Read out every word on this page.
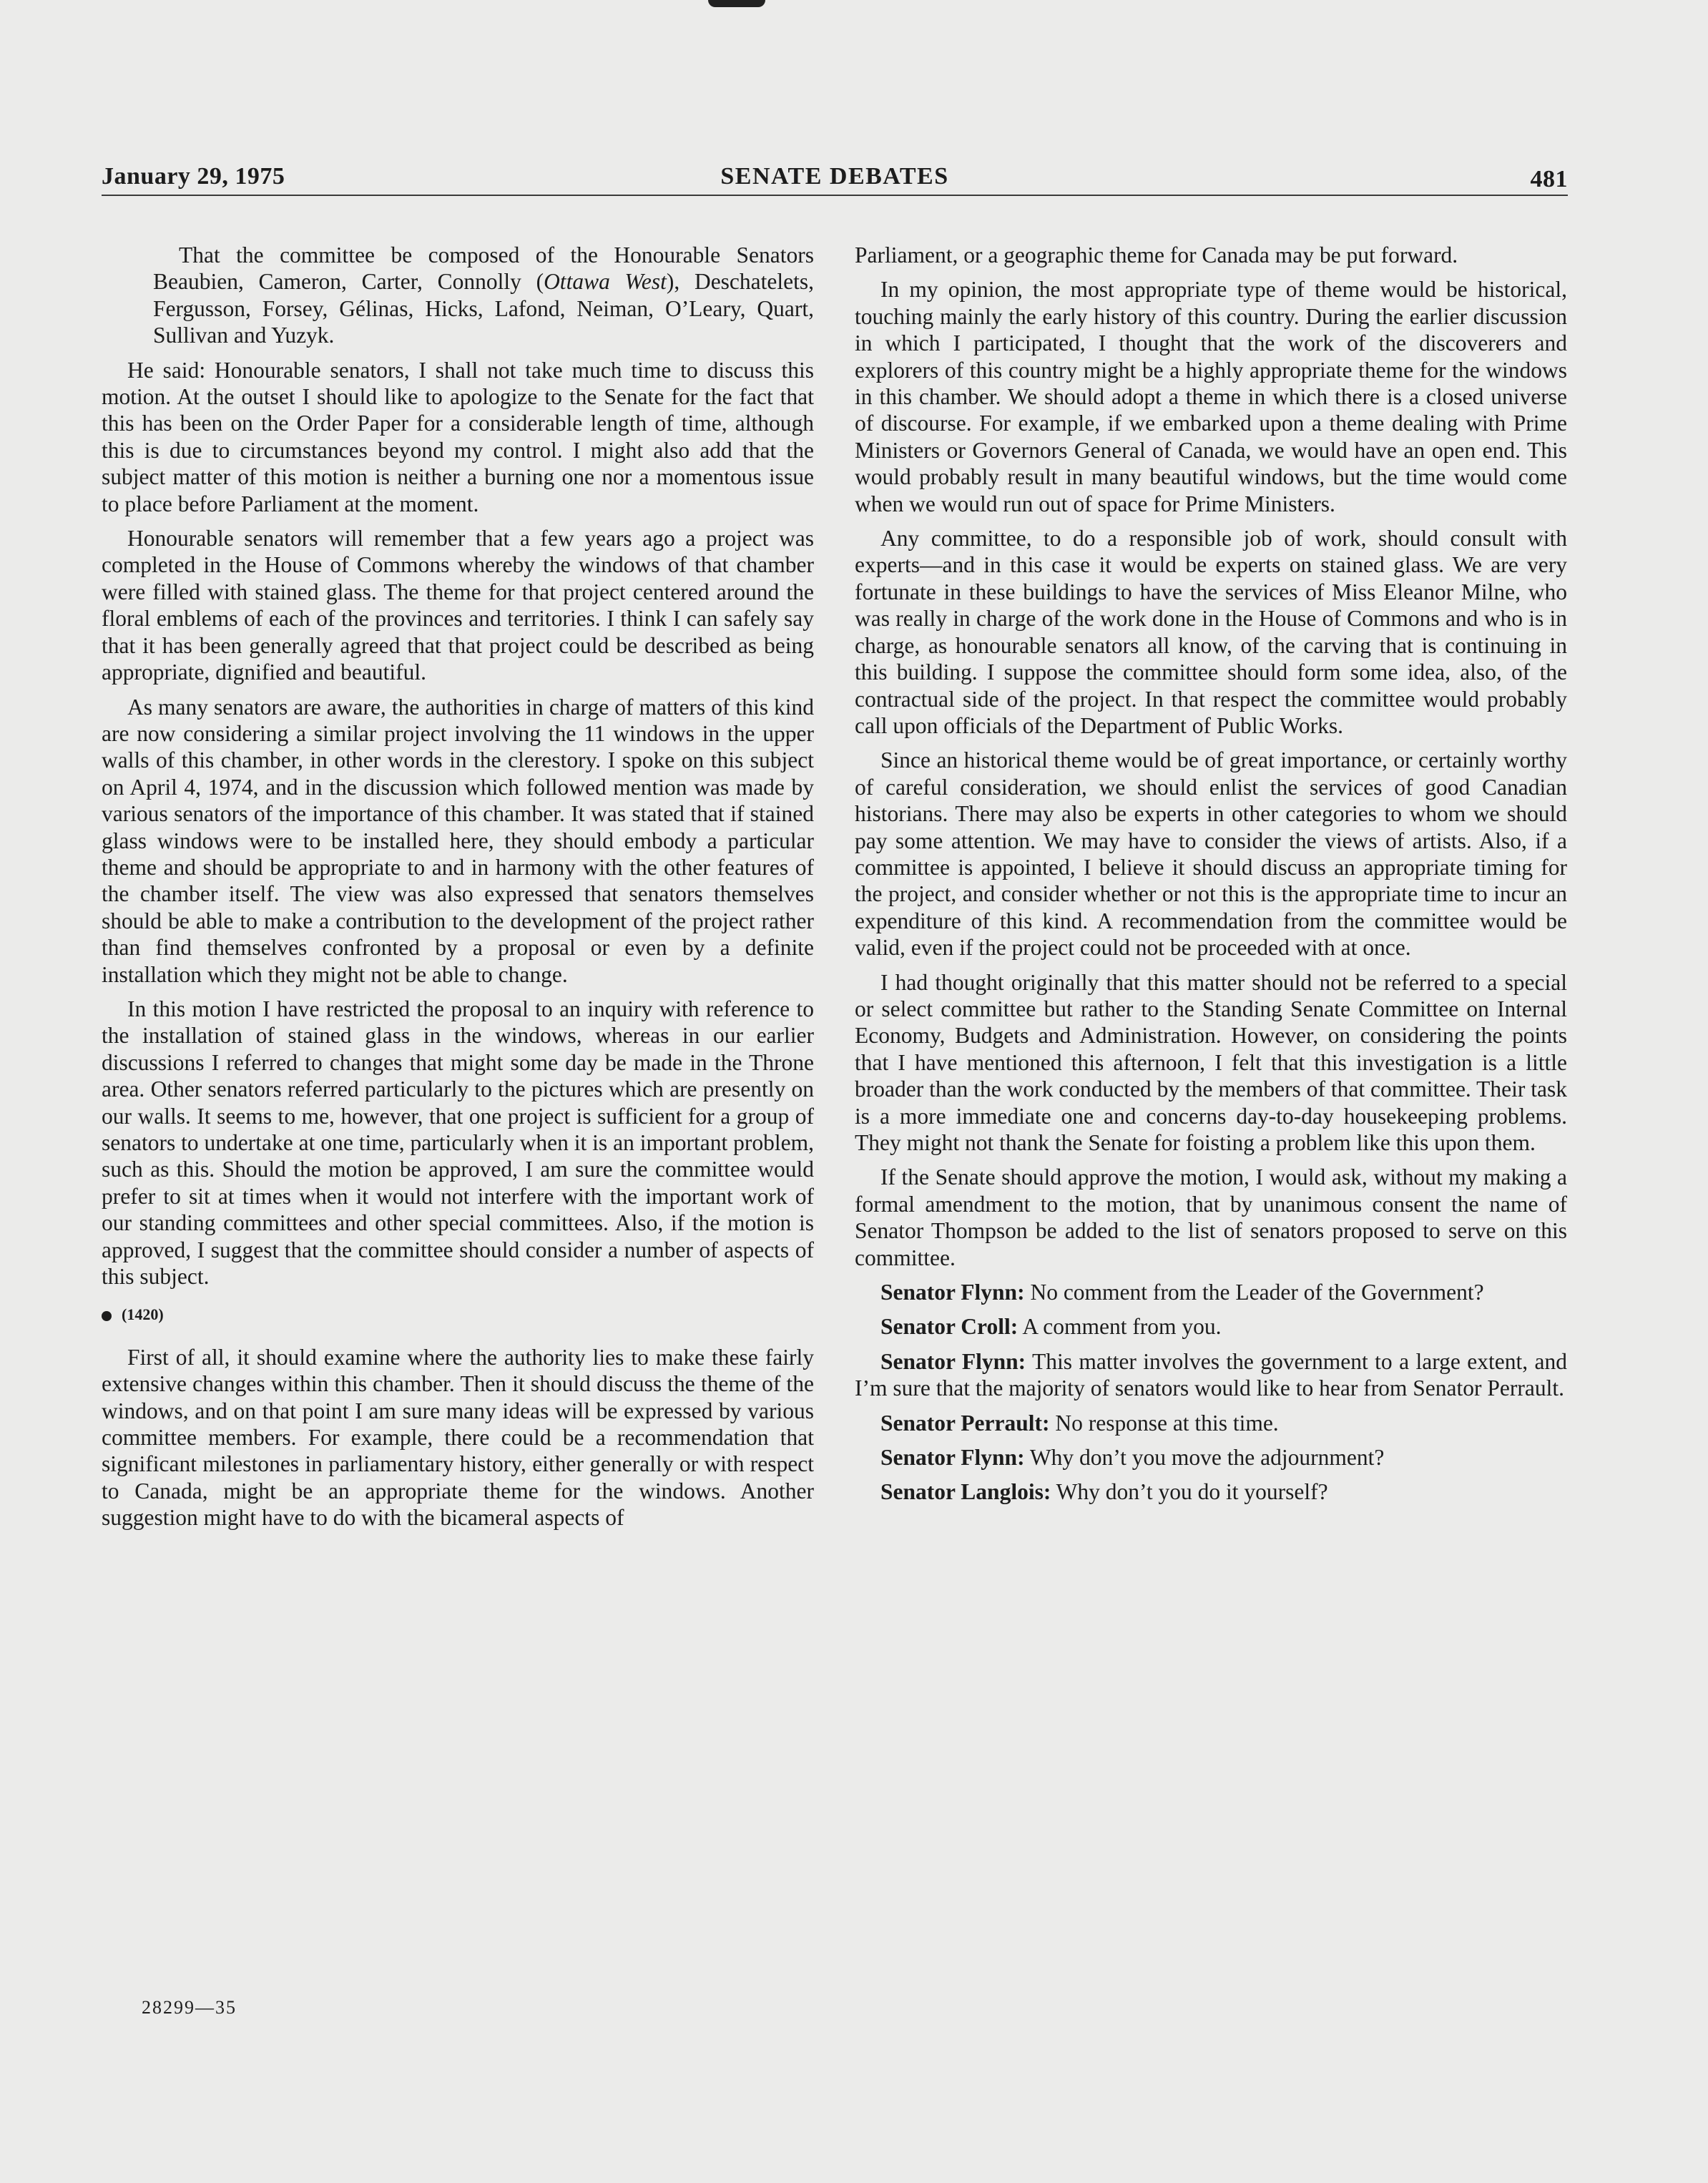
January 29, 1975	SENATE DEBATES	481

That the committee be composed of the Honourable Senators Beaubien, Cameron, Carter, Connolly (Ottawa West), Deschatelets, Fergusson, Forsey, Gélinas, Hicks, Lafond, Neiman, O’Leary, Quart, Sullivan and Yuzyk.

He said: Honourable senators, I shall not take much time to discuss this motion. At the outset I should like to apologize to the Senate for the fact that this has been on the Order Paper for a considerable length of time, although this is due to circumstances beyond my control. I might also add that the subject matter of this motion is neither a burning one nor a momentous issue to place before Parliament at the moment.

Honourable senators will remember that a few years ago a project was completed in the House of Commons whereby the windows of that chamber were filled with stained glass. The theme for that project centered around the floral emblems of each of the provinces and territories. I think I can safely say that it has been generally agreed that that project could be described as being appropriate, dignified and beautiful.

As many senators are aware, the authorities in charge of matters of this kind are now considering a similar project involving the 11 windows in the upper walls of this chamber, in other words in the clerestory. I spoke on this subject on April 4, 1974, and in the discussion which followed mention was made by various senators of the importance of this chamber. It was stated that if stained glass windows were to be installed here, they should embody a particular theme and should be appropriate to and in harmony with the other features of the chamber itself. The view was also expressed that senators themselves should be able to make a contribution to the development of the project rather than find themselves confronted by a proposal or even by a definite installation which they might not be able to change.

In this motion I have restricted the proposal to an inquiry with reference to the installation of stained glass in the windows, whereas in our earlier discussions I referred to changes that might some day be made in the Throne area. Other senators referred particularly to the pictures which are presently on our walls. It seems to me, however, that one project is sufficient for a group of senators to undertake at one time, particularly when it is an important problem, such as this. Should the motion be approved, I am sure the committee would prefer to sit at times when it would not interfere with the important work of our standing committees and other special committees. Also, if the motion is approved, I suggest that the committee should consider a number of aspects of this subject.

(1420)

First of all, it should examine where the authority lies to make these fairly extensive changes within this chamber. Then it should discuss the theme of the windows, and on that point I am sure many ideas will be expressed by various committee members. For example, there could be a recommendation that significant milestones in parliamentary history, either generally or with respect to Canada, might be an appropriate theme for the windows. Another suggestion might have to do with the bicameral aspects of

Parliament, or a geographic theme for Canada may be put forward.

In my opinion, the most appropriate type of theme would be historical, touching mainly the early history of this country. During the earlier discussion in which I participated, I thought that the work of the discoverers and explorers of this country might be a highly appropriate theme for the windows in this chamber. We should adopt a theme in which there is a closed universe of discourse. For example, if we embarked upon a theme dealing with Prime Ministers or Governors General of Canada, we would have an open end. This would probably result in many beautiful windows, but the time would come when we would run out of space for Prime Ministers.

Any committee, to do a responsible job of work, should consult with experts—and in this case it would be experts on stained glass. We are very fortunate in these buildings to have the services of Miss Eleanor Milne, who was really in charge of the work done in the House of Commons and who is in charge, as honourable senators all know, of the carving that is continuing in this building. I suppose the committee should form some idea, also, of the contractual side of the project. In that respect the committee would probably call upon officials of the Department of Public Works.

Since an historical theme would be of great importance, or certainly worthy of careful consideration, we should enlist the services of good Canadian historians. There may also be experts in other categories to whom we should pay some attention. We may have to consider the views of artists. Also, if a committee is appointed, I believe it should discuss an appropriate timing for the project, and consider whether or not this is the appropriate time to incur an expenditure of this kind. A recommendation from the committee would be valid, even if the project could not be proceeded with at once.

I had thought originally that this matter should not be referred to a special or select committee but rather to the Standing Senate Committee on Internal Economy, Budgets and Administration. However, on considering the points that I have mentioned this afternoon, I felt that this investigation is a little broader than the work conducted by the members of that committee. Their task is a more immediate one and concerns day-to-day housekeeping problems. They might not thank the Senate for foisting a problem like this upon them.

If the Senate should approve the motion, I would ask, without my making a formal amendment to the motion, that by unanimous consent the name of Senator Thompson be added to the list of senators proposed to serve on this committee.

Senator Flynn: No comment from the Leader of the Government?

Senator Croll: A comment from you.

Senator Flynn: This matter involves the government to a large extent, and I’m sure that the majority of senators would like to hear from Senator Perrault.

Senator Perrault: No response at this time.

Senator Flynn: Why don’t you move the adjournment?

Senator Langlois: Why don’t you do it yourself?

28299—35
